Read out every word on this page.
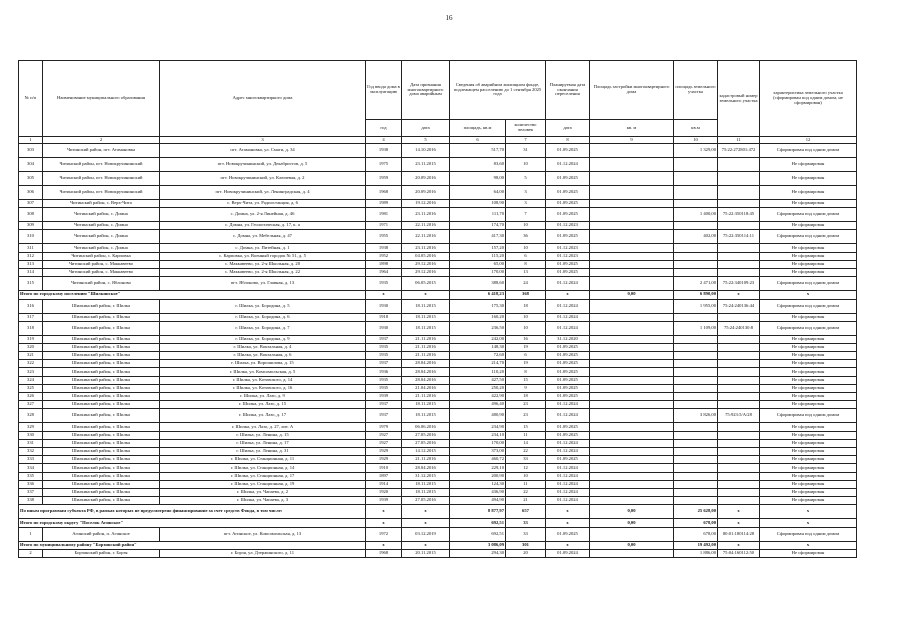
16
№ п/п	Наименование муниципального образования	Адрес многоквартирного дома	Год ввода дома в эксплуатацию	Дата признания многоквартирного дома аварийным	Сведения об аварийном жилищном фонде, подлежащем расселению до 1 сентября 2025 года		Планируемая дата окончания переселения	Площадь застройки многоквартирного дома	площадь земельного участка	кадастровый номер земельного участка	характеристика земельного участка (сформирован под одним домом, не сформирован)
			год	дата	площадь, кв.м	количество человек	дата	кв. м	кв.м		
1	2	3	4	5	6	7	8	9	10	11	12
303	Читинский район, пгт. Атамановка	пгт. Атамановка, ул. Смаги, д. 34	1938	14.10.2016	517,70	31	01.09.2025		1 329,00	75:22:272801:472	Сформирован под одним домом
304	Читинский район, пгт. Новокручининский	пгт. Новокручининский, ул. Декабристов, д. 5	1975	23.11.2015	83,60	10	01.12.2024				Не сформирован
305	Читинский район, пгт. Новокручининский	пгт. Новокручининский, ул. Ключевая, д. 2	1959	20.09.2016	98,00	5	01.09.2025				Не сформирован
306	Читинский район, пгт. Новокручининский	пгт. Новокручининский, ул. Ленинградская, д. 4	1968	20.09.2016	64,00	3	01.09.2025				Не сформирован
307	Читинский район, с. Верх-Чита	с. Верх-Чита, ул. Радиостанция, д. 6	1989	19.12.2016	108,90	3	01.09.2025				Не сформирован
308	Читинский район, с. Домна	с. Домна, ул. 2-я Линейная, д. 46	1981	23.11.2016	111,70	7	01.09.2025		1 400,00	75:22:350118:45	Сформирован под одним домом
309	Читинский район, с. Домна	с. Домна, ул. Геологическая, д. 17, к. а	1971	22.11.2016	174,70	10	01.12.2023				Не сформирован
310	Читинский район, с. Домна	с. Домна, ул. Мебельная, д. 47	1955	22.11.2016	417,30	36	01.09.2025		402,00	75:22:350114:11	Сформирован под одним домом
311	Читинский район, с. Домна	с. Домна, ул. Питейная, д. 1	1938	23.11.2016	157,20	10	01.12.2023				Не сформирован
312	Читинский район, с. Карповка	с. Карповка, ул. Военный городок № 51, д. 5	1952	04.05.2016	115,20	6	01.12.2023				Не сформирован
313	Читинский район, с. Маккавеево	с. Маккавеево, ул. 2-я Школьная, д. 20	1898	29.12.2016	65,00	8	01.09.2025				Не сформирован
314	Читинский район, с. Маккавеево	с. Маккавеево, ул. 2-я Школьная, д. 22	1964	29.12.2016	170,00	13	01.09.2025				Не сформирован
315	Читинский район, с. Яблоново	пгт. Яблоново, ул. Главная, д. 13	1935	06.05.2015	388,60	24	01.12.2024		2 471,00	75:22:340109:23	Сформирован под одним домом
Итого по городскому поселению "Шилкинское"			x	x	6 418,23	368	x	0,00	6 890,00	x	x
316	Шилкинский район, г. Шилка	г. Шилка, ул. Бородина, д. 5	1930	18.11.2015	175,30	18	01.12.2024		1 955,00	75:24:240136:44	Сформирован под одним домом
317	Шилкинский район, г. Шилка	г. Шилка, ул. Бородина, д. 6	1918	18.11.2015	160,20	10	01.12.2024				Не сформирован
318	Шилкинский район, г. Шилка	г. Шилка, ул. Бородина, д. 7	1930	18.11.2015	236,50	10	01.12.2024		1 109,00	75:24:240130:8	Сформирован под одним домом
319	Шилкинский район, г. Шилка	г. Шилка, ул. Бородина, д. 9	1937	21.11.2016	242,00	16	31.12.2020				Не сформирован
320	Шилкинский район, г. Шилка	г. Шилка, ул. Вокзальная, д. 4	1935	21.11.2016	148,30	19	01.09.2025				Не сформирован
321	Шилкинский район, г. Шилка	г. Шилка, ул. Вокзальная, д. 6	1935	21.11.2016	72,60	6	01.09.2025				Не сформирован
322	Шилкинский район, г. Шилка	г. Шилка, ул. Ворошилова, д. 15	1937	28.04.2016	214,70	19	01.09.2025				Не сформирован
323	Шилкинский район, г. Шилка	г. Шилка, ул. Комсомольская, д. 5	1936	28.04.2016	110,20	8	01.09.2025				Не сформирован
324	Шилкинский район, г. Шилка	г. Шилка, ул. Котовского, д. 14	1935	28.04.2016	427,50	15	01.09.2025				Не сформирован
325	Шилкинский район, г. Шилка	г. Шилка, ул. Котовского, д. 16	1935	21.04.2016	250,20	9	01.09.2025				Не сформирован
326	Шилкинский район, г. Шилка	г. Шилка, ул. Лазо, д. 9	1939	21.11.2016	422,90	18	01.09.2025				Не сформирован
327	Шилкинский район, г. Шилка	г. Шилка, ул. Лазо, д. 15	1937	18.11.2015	496,40	23	01.12.2024				Не сформирован
328	Шилкинский район, г. Шилка	г. Шилка, ул. Лазо, д. 17	1937	18.11.2015	480,90	23	01.12.2024		3 826,00	75:923:5/А/28	Сформирован под одним домом
329	Шилкинский район, г. Шилка	г. Шилка, ул. Лазо, д. 27, лит. А	1979	06.06.2016	234,90	15	01.09.2025				Не сформирован
330	Шилкинский район, г. Шилка	г. Шилка, ул. Ленина, д. 15	1927	27.05.2016	234,10	11	01.09.2025				Не сформирован
331	Шилкинский район, г. Шилка	г. Шилка, ул. Ленина, д. 17	1927	27.05.2016	170,00	14	01.12.2024				Не сформирован
332	Шилкинский район, г. Шилка	г. Шилка, ул. Ленина, д. 31	1929	14.12.2015	373,00	22	01.12.2024				Не сформирован
333	Шилкинский район, г. Шилка	г. Шилка, ул. Станционная, д. 11	1929	21.11.2016	460,72	33	01.09.2025				Не сформирован
334	Шилкинский район, г. Шилка	г. Шилка, ул. Станционная, д. 14	1910	28.04.2016	229,10	12	01.12.2024				Не сформирован
335	Шилкинский район, г. Шилка	г. Шилка, ул. Станционная, д. 17	1897	31.12.2015	200,90	10	01.12.2024				Не сформирован
336	Шилкинский район, г. Шилка	г. Шилка, ул. Станционная, д. 19	1914	18.11.2015	124,30	11	01.12.2024				Не сформирован
337	Шилкинский район, г. Шилка	г. Шилка, ул. Чапаева, д. 2	1920	18.11.2015	436,90	22	01.12.2024				Не сформирован
338	Шилкинский район, г. Шилка	г. Шилка, ул. Чапаева, д. 3	1939	27.05.2016	494,90	21	01.12.2024				Не сформирован
По иным программам субъекта РФ, в рамках которых не предусмотрено финансирование за счет средств Фонда, в том числе:			x	x	8 877,97	657	x	0,00	25 628,00	x	x
Итого по городскому округу "Поселок Агинское"			x	x	692,51	33	x	0,00	678,00	x	x
1	Агинский район, п. Агинское	пгт. Агинское, ул. Комсомольская, д. 13	1972	03.12.2019	692,51	33	01.09.2025		678,00	80:01:180114:28	Сформирован под одним домом
Итого по муниципальному району "Борзинский район"			x	x	3 086,09	301	x	0,00	19 492,00	x	x
2	Борзинский район, г. Борзя	г. Борзя, ул. Дзержинского, д. 11	1968	20.11.2015	294,30	20	01.09.2024		1 886,00	75:04:160112:50	Не сформирован
